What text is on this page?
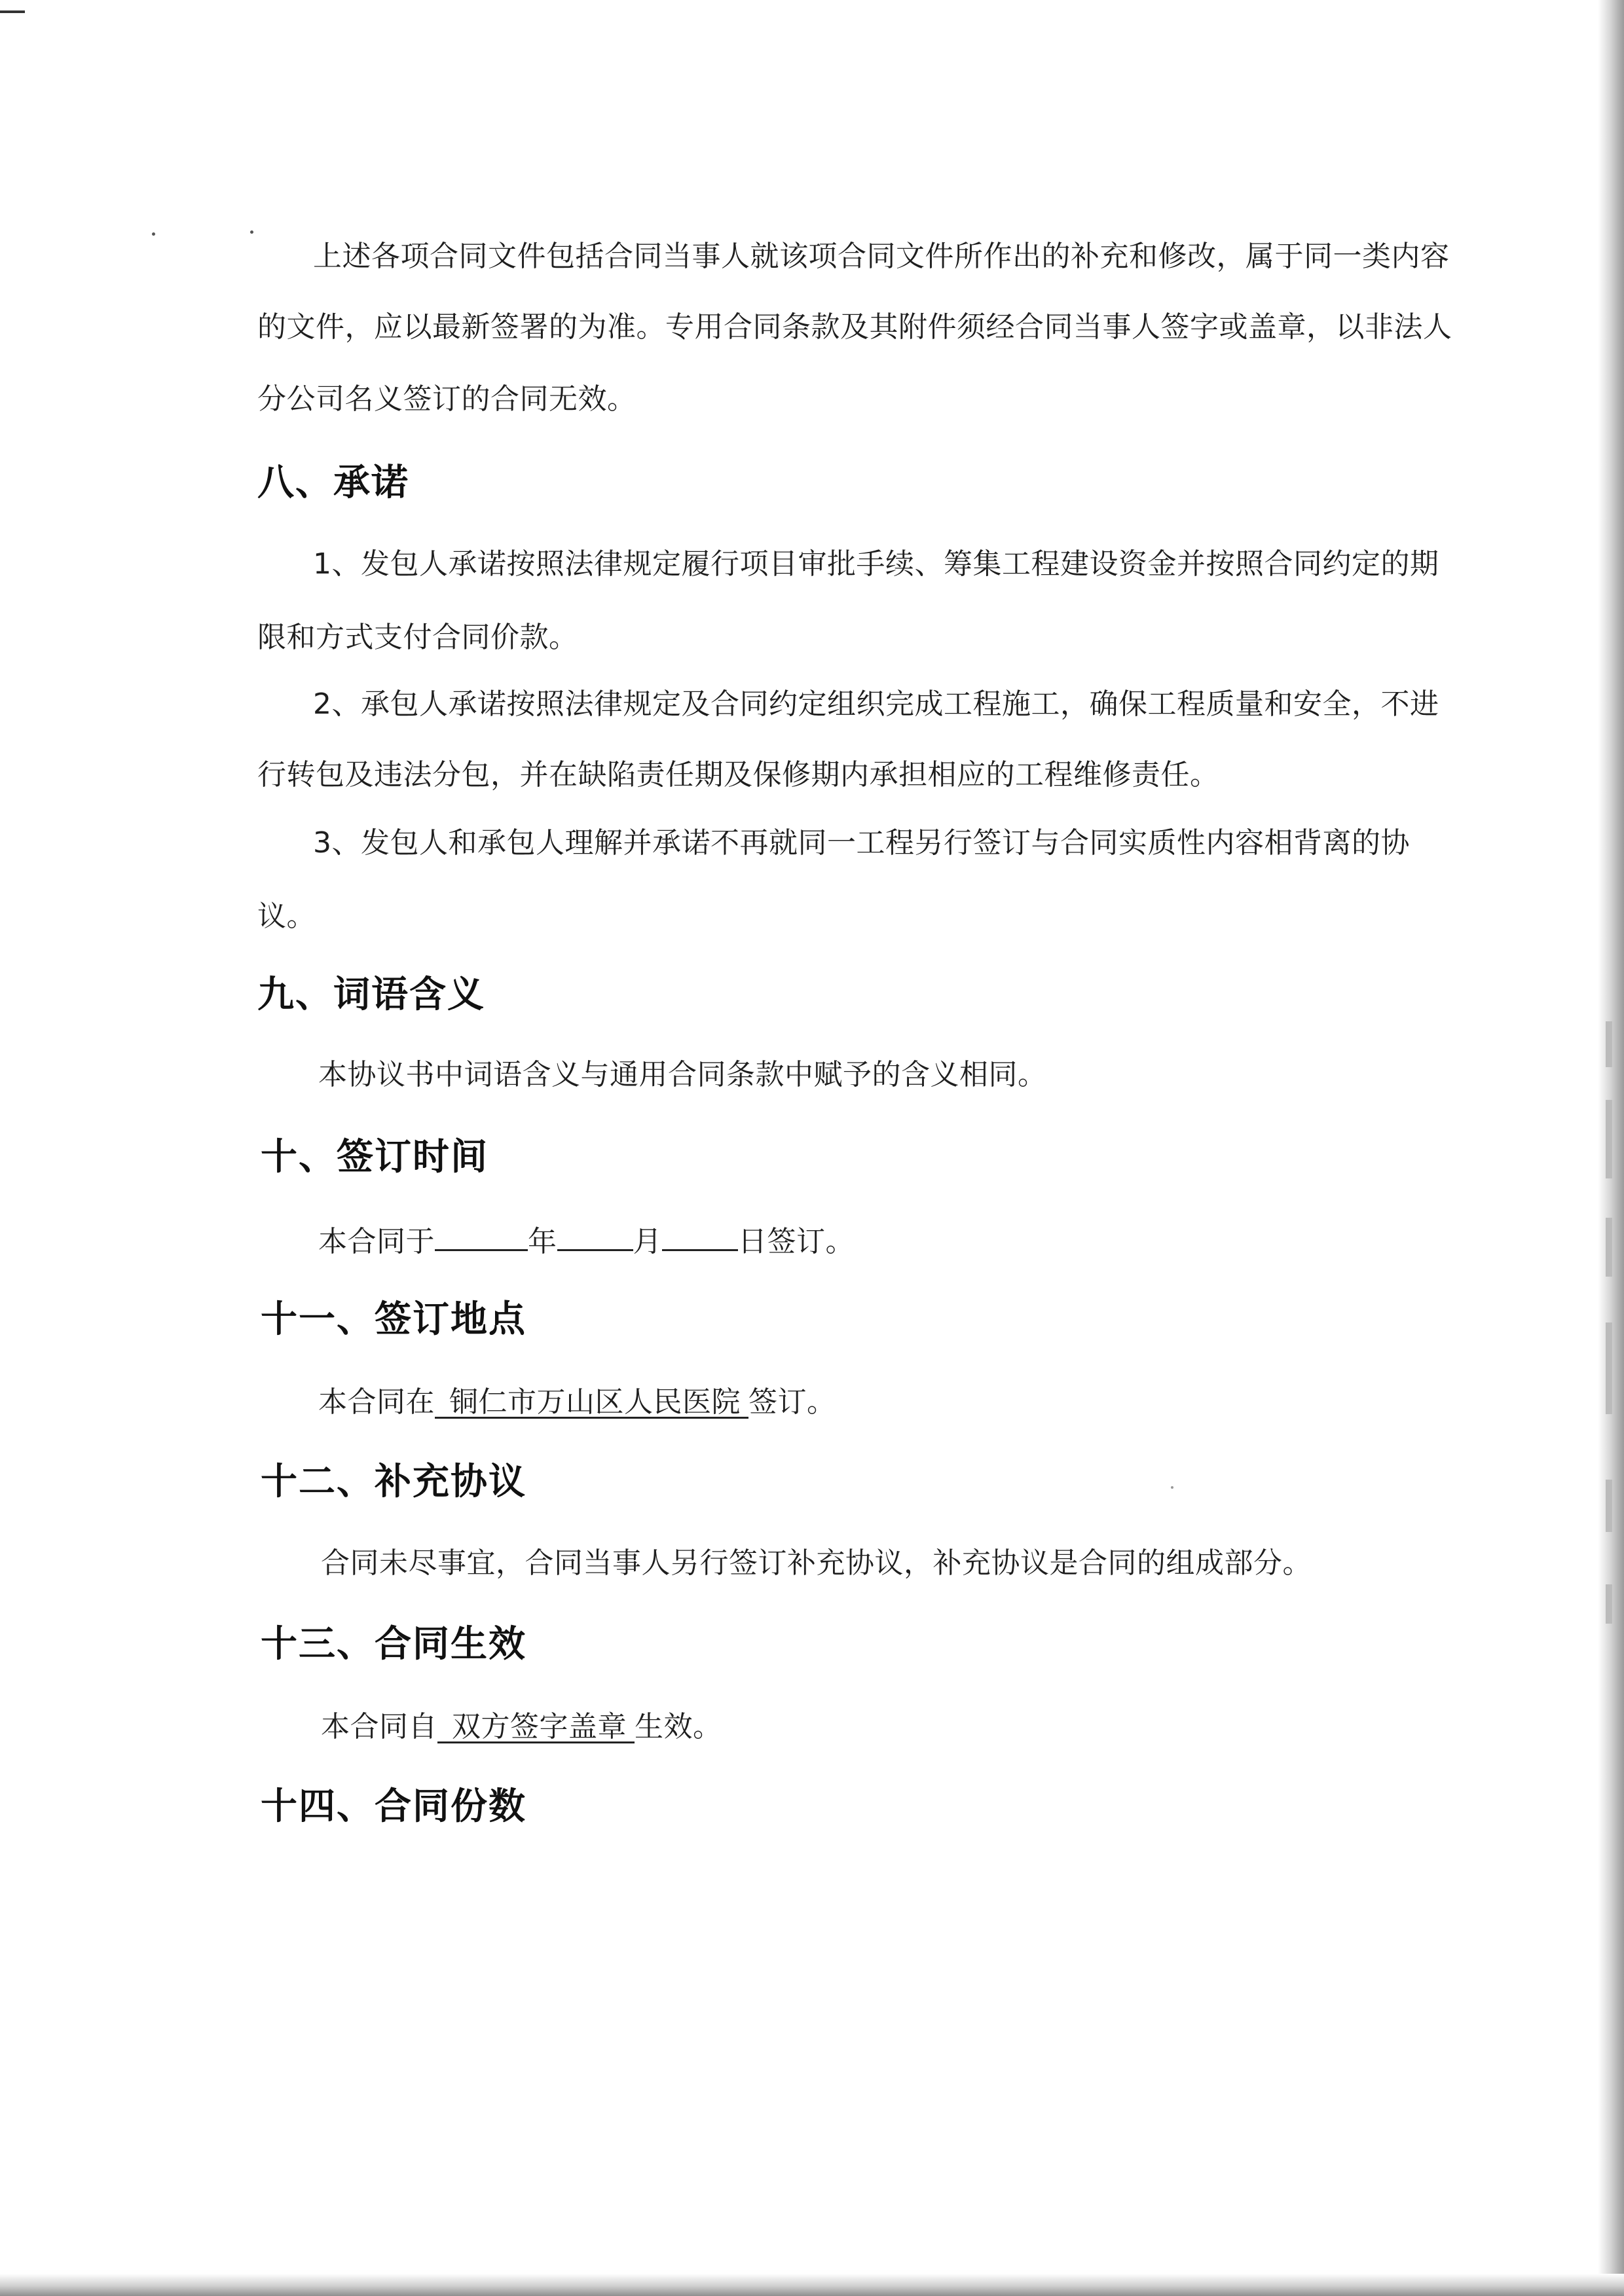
上述各项合同文件包括合同当事人就该项合同文件所作出的补充和修改，属于同一类内容
的文件，应以最新签署的为准。专用合同条款及其附件须经合同当事人签字或盖章，以非法人
分公司名义签订的合同无效。
八、承诺
1、发包人承诺按照法律规定履行项目审批手续、筹集工程建设资金并按照合同约定的期
限和方式支付合同价款。
2、承包人承诺按照法律规定及合同约定组织完成工程施工，确保工程质量和安全，不进
行转包及违法分包，并在缺陷责任期及保修期内承担相应的工程维修责任。
3、发包人和承包人理解并承诺不再就同一工程另行签订与合同实质性内容相背离的协
议。
九、词语含义
本协议书中词语含义与通用合同条款中赋予的含义相同。
十、签订时间
本合同于	年	月	日签订。
十一、签订地点
本合同在 铜仁市万山区人民医院 签订。
十二、补充协议
合同未尽事宜，合同当事人另行签订补充协议，补充协议是合同的组成部分。
十三、合同生效
本合同自 双方签字盖章 生效。
十四、合同份数
